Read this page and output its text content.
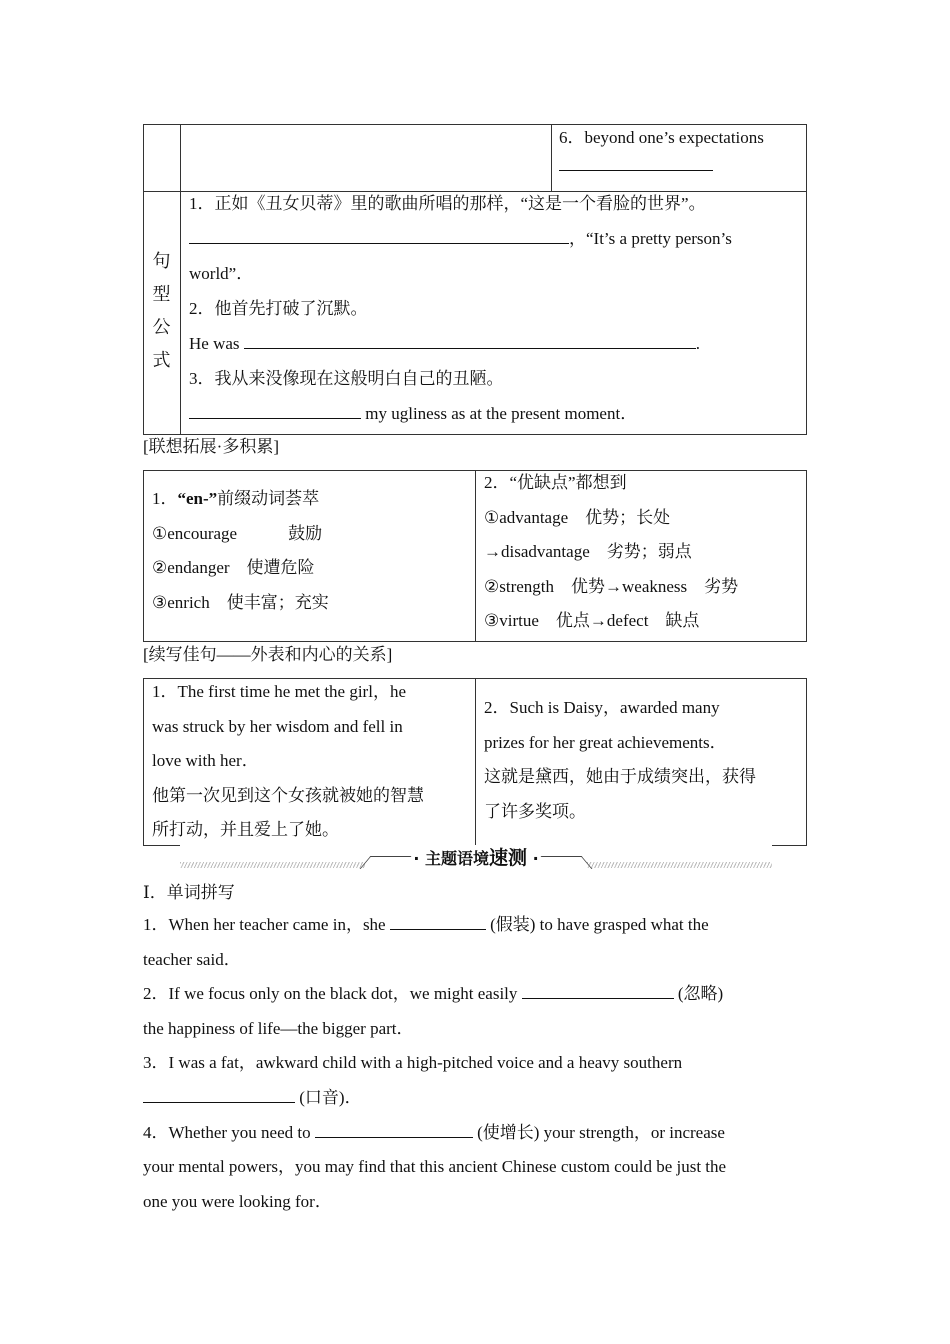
6．beyond one’s expectations
句
型
公
式
1．正如《丑女贝蒂》里的歌曲所唱的那样，“这是一个看脸的世界”。
，“It’s a pretty person’s
world”．
2．他首先打破了沉默。
He was	.
3．我从来没像现在这般明白自己的丑陋。
my ugliness as at the present moment．
[联想拓展·多积累]
1．“en-”前缀动词荟萃
①encourage　　　鼓励
②endanger　使遭危险
③enrich　使丰富；充实
2．“优缺点”都想到
①advantage　优势；长处
→disadvantage　劣势；弱点
②strength　优势→weakness　劣势
③virtue　优点→defect　缺点
[续写佳句——外表和内心的关系]
1．The first time he met the girl，he
was struck by her wisdom and fell in
love with her．
他第一次见到这个女孩就被她的智慧
所打动，并且爱上了她。
2．Such is Daisy，awarded many
prizes for her great achievements．
这就是黛西，她由于成绩突出，获得
了许多奖项。
· 主题语境速测 ·
Ⅰ．单词拼写
1．When her teacher came in，she	(假装) to have grasped what the
teacher said．
2．If we focus only on the black dot，we might easily	(忽略)
the happiness of life—the bigger part．
3．I was a fat，awkward child with a high-pitched voice and a heavy southern
(口音)．
4．Whether you need to	(使增长) your strength，or increase
your mental powers，you may find that this ancient Chinese custom could be just the
one you were looking for．
